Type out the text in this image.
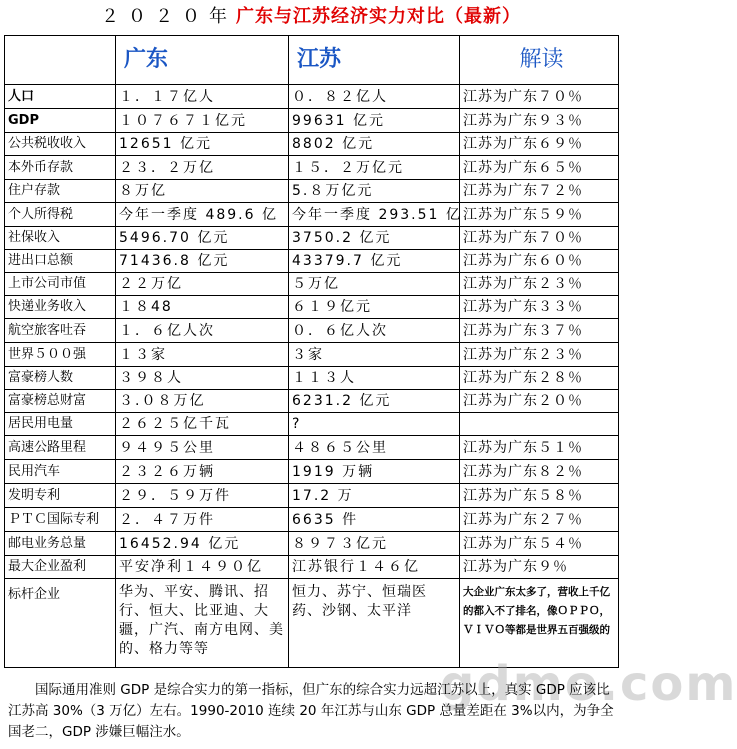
２０２０年广东与江苏经济实力对比（最新）
	广东	江苏	解读
人口	１．１７亿人	０．８２亿人	江苏为广东７０％
GDP	１０７６７１亿元	99631 亿元	江苏为广东９３％
公共税收收入	12651 亿元	8802 亿元	江苏为广东６９％
本外币存款	２３．２万亿	１５．２万亿元	江苏为广东６５％
住户存款	８万亿	5.８万亿元	江苏为广东７２％
个人所得税	今年一季度 489.6 亿	今年一季度 293.51 亿	江苏为广东５９％
社保收入	5496.70 亿元	3750.2 亿元	江苏为广东７０％
进出口总额	71436.8 亿元	43379.7 亿元	江苏为广东６０％
上市公司市值	２２万亿	５万亿	江苏为广东２３％
快递业务收入	１８48	６１９亿元	江苏为广东３３％
航空旅客吐吞	１．６亿人次	０．６亿人次	江苏为广东３７％
世界５００强	１３家	３家	江苏为广东２３％
富豪榜人数	３９８人	１１３人	江苏为广东２８％
富豪榜总财富	３.０８万亿	6231.2 亿元	江苏为广东２０％
居民用电量	２６２５亿千瓦	?	
高速公路里程	９４９５公里	４８６５公里	江苏为广东５１％
民用汽车	２３２６万辆	1919 万辆	江苏为广东８２％
发明专利	２９．５９万件	17.2 万	江苏为广东５８％
ＰＴＣ国际专利	２．４７万件	6635 件	江苏为广东２７％
邮电业务总量	16452.94 亿元	８９７３亿元	江苏为广东５４％
最大企业盈利	平安净利１４９０亿	江苏银行１４６亿	江苏为广东９％
标杆企业	华为、平安、腾讯、招行、恒大、比亚迪、大疆，广汽、南方电网、美的、格力等等	恒力、苏宁、恒瑞医药、沙钢、太平洋	大企业广东太多了，营收上千亿的都入不了排名，像ＯＰＰＯ，ＶＩＶＯ等都是世界五百强级的
gdmo.com
国际通用准则 GDP 是综合实力的第一指标，但广东的综合实力远超江苏以上，真实 GDP 应该比江苏高 30%（3 万亿）左右。1990-2010 连续 20 年江苏与山东 GDP 总量差距在 3%以内，为争全国老二，GDP 涉嫌巨幅注水。
